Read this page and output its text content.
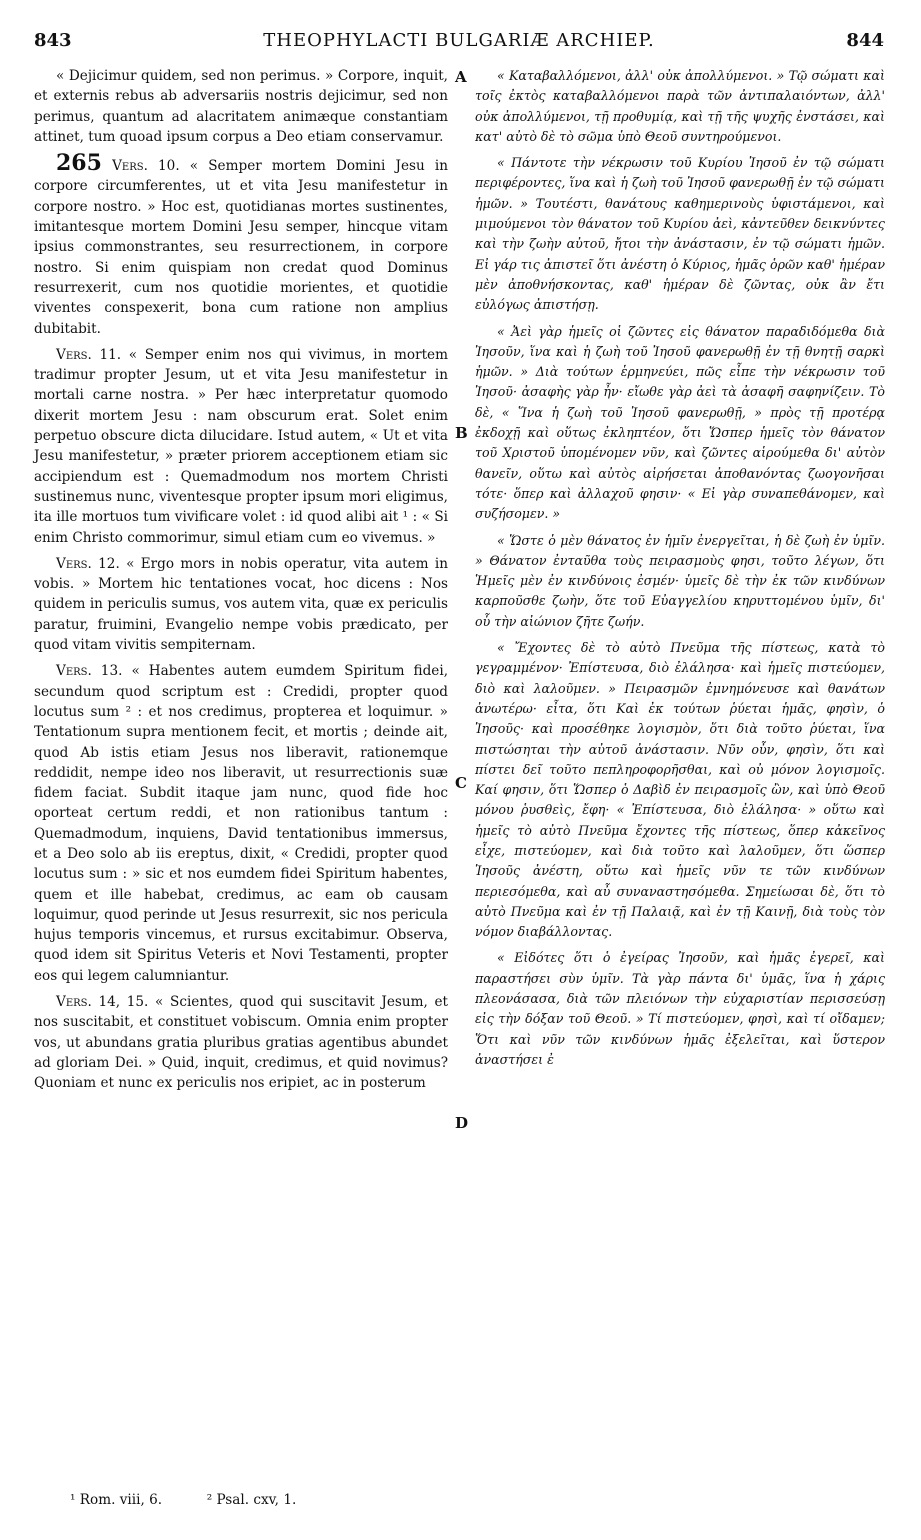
843	THEOPHYLACTI BULGARIÆ ARCHIEP.	844

« Dejicimur quidem, sed non perimus. » Corpore, inquit, et externis rebus ab adversariis nostris dejicimur, sed non perimus, quantum ad alacritatem animæque constantiam attinet, tum quoad ipsum corpus a Deo etiam conservamur.

265 Vers. 10. « Semper mortem Domini Jesu in corpore circumferentes, ut et vita Jesu manifestetur in corpore nostro. » Hoc est, quotidianas mortes sustinentes, imitantesque mortem Domini Jesu semper, hincque vitam ipsius commonstrantes, seu resurrectionem, in corpore nostro. Si enim quispiam non credat quod Dominus resurrexerit, cum nos quotidie morientes, et quotidie viventes conspexerit, bona cum ratione non amplius dubitabit.

Vers. 11. « Semper enim nos qui vivimus, in mortem tradimur propter Jesum, ut et vita Jesu manifestetur in mortali carne nostra. » Per hæc interpretatur quomodo dixerit mortem Jesu : nam obscurum erat. Solet enim perpetuo obscure dicta dilucidare. Istud autem, « Ut et vita Jesu manifestetur, » præter priorem acceptionem etiam sic accipiendum est : Quemadmodum nos mortem Christi sustinemus nunc, viventesque propter ipsum mori eligimus, ita ille mortuos tum vivificare volet : id quod alibi ait ¹ : « Si enim Christo commorimur, simul etiam cum eo vivemus. »

Vers. 12. « Ergo mors in nobis operatur, vita autem in vobis. » Mortem hic tentationes vocat, hoc dicens : Nos quidem in periculis sumus, vos autem vita, quæ ex periculis paratur, fruimini, Evangelio nempe vobis prædicato, per quod vitam vivitis sempiternam.

Vers. 13. « Habentes autem eumdem Spiritum fidei, secundum quod scriptum est : Credidi, propter quod locutus sum ² : et nos credimus, propterea et loquimur. » Tentationum supra mentionem fecit, et mortis ; deinde ait, quod Ab istis etiam Jesus nos liberavit, rationemque reddidit, nempe ideo nos liberavit, ut resurrectionis suæ fidem faciat. Subdit itaque jam nunc, quod fide hoc oporteat certum reddi, et non rationibus tantum : Quemadmodum, inquiens, David tentationibus immersus, et a Deo solo ab iis ereptus, dixit, « Credidi, propter quod locutus sum : » sic et nos eumdem fidei Spiritum habentes, quem et ille habebat, credimus, ac eam ob causam loquimur, quod perinde ut Jesus resurrexit, sic nos pericula hujus temporis vincemus, et rursus excitabimur. Observa, quod idem sit Spiritus Veteris et Novi Testamenti, propter eos qui legem calumniantur.

Vers. 14, 15. « Scientes, quod qui suscitavit Jesum, et nos suscitabit, et constituet vobiscum. Omnia enim propter vos, ut abundans gratia pluribus gratias agentibus abundet ad gloriam Dei. » Quid, inquit, credimus, et quid novimus? Quoniam et nunc ex periculis nos eripiet, ac in posterum

A
B
C
D

« Καταβαλλόμενοι, ἀλλ' οὐκ ἀπολλύμενοι. » Τῷ σώματι καὶ τοῖς ἐκτὸς καταβαλλόμενοι παρὰ τῶν ἀντιπαλαιόντων, ἀλλ' οὐκ ἀπολλύμενοι, τῇ προθυμίᾳ, καὶ τῇ τῆς ψυχῆς ἐνστάσει, καὶ κατ' αὐτὸ δὲ τὸ σῶμα ὑπὸ Θεοῦ συντηρούμενοι.

« Πάντοτε τὴν νέκρωσιν τοῦ Κυρίου Ἰησοῦ ἐν τῷ σώματι περιφέροντες, ἵνα καὶ ἡ ζωὴ τοῦ Ἰησοῦ φανερωθῇ ἐν τῷ σώματι ἡμῶν. » Τουτέστι, θανάτους καθημερινοὺς ὑφιστάμενοι, καὶ μιμούμενοι τὸν θάνατον τοῦ Κυρίου ἀεὶ, κἀντεῦθεν δεικνύντες καὶ τὴν ζωὴν αὐτοῦ, ἤτοι τὴν ἀνάστασιν, ἐν τῷ σώματι ἡμῶν. Εἰ γάρ τις ἀπιστεῖ ὅτι ἀνέστη ὁ Κύριος, ἡμᾶς ὁρῶν καθ' ἡμέραν μὲν ἀποθνήσκοντας, καθ' ἡμέραν δὲ ζῶντας, οὐκ ἂν ἔτι εὐλόγως ἀπιστήσῃ.

« Ἀεὶ γὰρ ἡμεῖς οἱ ζῶντες εἰς θάνατον παραδιδόμεθα διὰ Ἰησοῦν, ἵνα καὶ ἡ ζωὴ τοῦ Ἰησοῦ φανερωθῇ ἐν τῇ θνητῇ σαρκὶ ἡμῶν. » Διὰ τούτων ἑρμηνεύει, πῶς εἶπε τὴν νέκρωσιν τοῦ Ἰησοῦ· ἀσαφὴς γὰρ ἦν· εἴωθε γὰρ ἀεὶ τὰ ἀσαφῆ σαφηνίζειν. Τὸ δὲ, « Ἵνα ἡ ζωὴ τοῦ Ἰησοῦ φανερωθῇ, » πρὸς τῇ προτέρᾳ ἐκδοχῇ καὶ οὕτως ἐκληπτέον, ὅτι Ὥσπερ ἡμεῖς τὸν θάνατον τοῦ Χριστοῦ ὑπομένομεν νῦν, καὶ ζῶντες αἱρούμεθα δι' αὐτὸν θανεῖν, οὕτω καὶ αὐτὸς αἱρήσεται ἀποθανόντας ζωογονῆσαι τότε· ὅπερ καὶ ἀλλαχοῦ φησιν· « Εἰ γὰρ συναπεθάνομεν, καὶ συζήσομεν. »

« Ὥστε ὁ μὲν θάνατος ἐν ἡμῖν ἐνεργεῖται, ἡ δὲ ζωὴ ἐν ὑμῖν. » Θάνατον ἐνταῦθα τοὺς πειρασμοὺς φησι, τοῦτο λέγων, ὅτι Ἡμεῖς μὲν ἐν κινδύνοις ἐσμέν· ὑμεῖς δὲ τὴν ἐκ τῶν κινδύνων καρποῦσθε ζωὴν, ὅτε τοῦ Εὐαγγελίου κηρυττομένου ὑμῖν, δι' οὗ τὴν αἰώνιον ζῆτε ζωήν.

« Ἔχοντες δὲ τὸ αὐτὸ Πνεῦμα τῆς πίστεως, κατὰ τὸ γεγραμμένον· Ἐπίστευσα, διὸ ἐλάλησα· καὶ ἡμεῖς πιστεύομεν, διὸ καὶ λαλοῦμεν. » Πειρασμῶν ἐμνημόνευσε καὶ θανάτων ἀνωτέρω· εἶτα, ὅτι Καὶ ἐκ τούτων ῥύεται ἡμᾶς, φησὶν, ὁ Ἰησοῦς· καὶ προσέθηκε λογισμὸν, ὅτι διὰ τοῦτο ῥύεται, ἵνα πιστώσηται τὴν αὐτοῦ ἀνάστασιν. Νῦν οὖν, φησὶν, ὅτι καὶ πίστει δεῖ τοῦτο πεπληροφορῆσθαι, καὶ οὐ μόνον λογισμοῖς. Καί φησιν, ὅτι Ὥσπερ ὁ Δαβὶδ ἐν πειρασμοῖς ὢν, καὶ ὑπὸ Θεοῦ μόνου ῥυσθεὶς, ἔφη· « Ἐπίστευσα, διὸ ἐλάλησα· » οὕτω καὶ ἡμεῖς τὸ αὐτὸ Πνεῦμα ἔχοντες τῆς πίστεως, ὅπερ κἀκεῖνος εἶχε, πιστεύομεν, καὶ διὰ τοῦτο καὶ λαλοῦμεν, ὅτι ὥσπερ Ἰησοῦς ἀνέστη, οὕτω καὶ ἡμεῖς νῦν τε τῶν κινδύνων περιεσόμεθα, καὶ αὖ συναναστησόμεθα. Σημείωσαι δὲ, ὅτι τὸ αὐτὸ Πνεῦμα καὶ ἐν τῇ Παλαιᾷ, καὶ ἐν τῇ Καινῇ, διὰ τοὺς τὸν νόμον διαβάλλοντας.

« Εἰδότες ὅτι ὁ ἐγείρας Ἰησοῦν, καὶ ἡμᾶς ἐγερεῖ, καὶ παραστήσει σὺν ὑμῖν. Τὰ γὰρ πάντα δι' ὑμᾶς, ἵνα ἡ χάρις πλεονάσασα, διὰ τῶν πλειόνων τὴν εὐχαριστίαν περισσεύσῃ εἰς τὴν δόξαν τοῦ Θεοῦ. » Τί πιστεύομεν, φησὶ, καὶ τί οἴδαμεν; Ὅτι καὶ νῦν τῶν κινδύνων ἡμᾶς ἐξελεῖται, καὶ ὕστερον ἀναστήσει ἐ

¹ Rom. viii, 6.	² Psal. cxv, 1.
